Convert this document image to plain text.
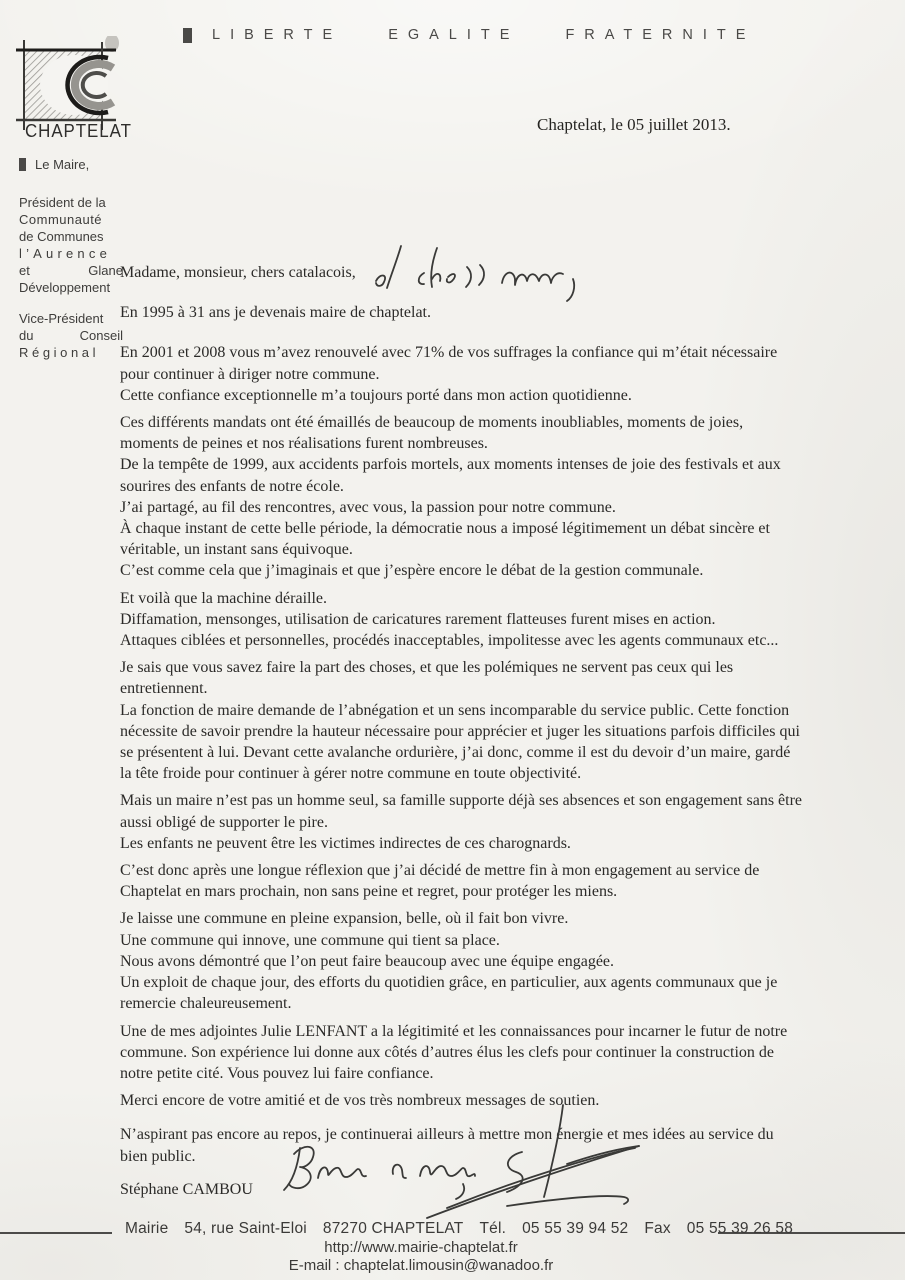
LIBERTE	EGALITE	FRATERNITE
CHAPTELAT	Chaptelat, le 05 juillet 2013.
Le Maire,
Président de la
Communauté
de Communes
l’Aurence
et Glane
Développement
Vice-Président
du Conseil
Régional
Madame, monsieur, chers catalacois,
En 1995 à 31 ans je devenais maire de chaptelat.
En 2001 et 2008 vous m’avez renouvelé avec 71% de vos suffrages la confiance qui m’était nécessaire
pour continuer à diriger notre commune.
Cette confiance exceptionnelle m’a toujours porté dans mon action quotidienne.
Ces différents mandats ont été émaillés de beaucoup de moments inoubliables, moments de joies,
moments de peines et nos réalisations furent nombreuses.
De la tempête de 1999, aux accidents parfois mortels, aux moments intenses de joie des festivals et aux
sourires des enfants de notre école.
J’ai partagé, au fil des rencontres, avec vous, la passion pour notre commune.
À chaque instant de cette belle période, la démocratie nous a imposé légitimement un débat sincère et
véritable, un instant sans équivoque.
C’est comme cela que j’imaginais et que j’espère encore le débat de la gestion communale.
Et voilà que la machine déraille.
Diffamation, mensonges, utilisation de caricatures rarement flatteuses furent mises en action.
Attaques ciblées et personnelles, procédés inacceptables, impolitesse avec les agents communaux etc...
Je sais que vous savez faire la part des choses, et que les polémiques ne servent pas ceux qui les
entretiennent.
La fonction de maire demande de l’abnégation et un sens incomparable du service public. Cette fonction
nécessite de savoir prendre la hauteur nécessaire pour apprécier et juger les situations parfois difficiles qui
se présentent à lui. Devant cette avalanche ordurière, j’ai donc, comme il est du devoir d’un maire, gardé
la tête froide pour continuer à gérer notre commune en toute objectivité.
Mais un maire n’est pas un homme seul, sa famille supporte déjà ses absences et son engagement sans être
aussi obligé de supporter le pire.
Les enfants ne peuvent être les victimes indirectes de ces charognards.
C’est donc après une longue réflexion que j’ai décidé de mettre fin à mon engagement au service de
Chaptelat en mars prochain, non sans peine et regret, pour protéger les miens.
Je laisse une commune en pleine expansion, belle, où il fait bon vivre.
Une commune qui innove, une commune qui tient sa place.
Nous avons démontré que l’on peut faire beaucoup avec une équipe engagée.
Un exploit de chaque jour, des efforts du quotidien grâce, en particulier, aux agents communaux que je
remercie chaleureusement.
Une de mes adjointes Julie LENFANT a la légitimité et les connaissances pour incarner le futur de notre
commune. Son expérience lui donne aux côtés d’autres élus les clefs pour continuer la construction de
notre petite cité. Vous pouvez lui faire confiance.
Merci encore de votre amitié et de vos très nombreux messages de soutien.
N’aspirant pas encore au repos, je continuerai ailleurs à mettre mon énergie et mes idées au service du
bien public.
Stéphane CAMBOU
Mairie 54, rue Saint-Eloi 87270 CHAPTELAT Tél. 05 55 39 94 52 Fax 05 55 39 26 58
http://www.mairie-chaptelat.fr
E-mail : chaptelat.limousin@wanadoo.fr
